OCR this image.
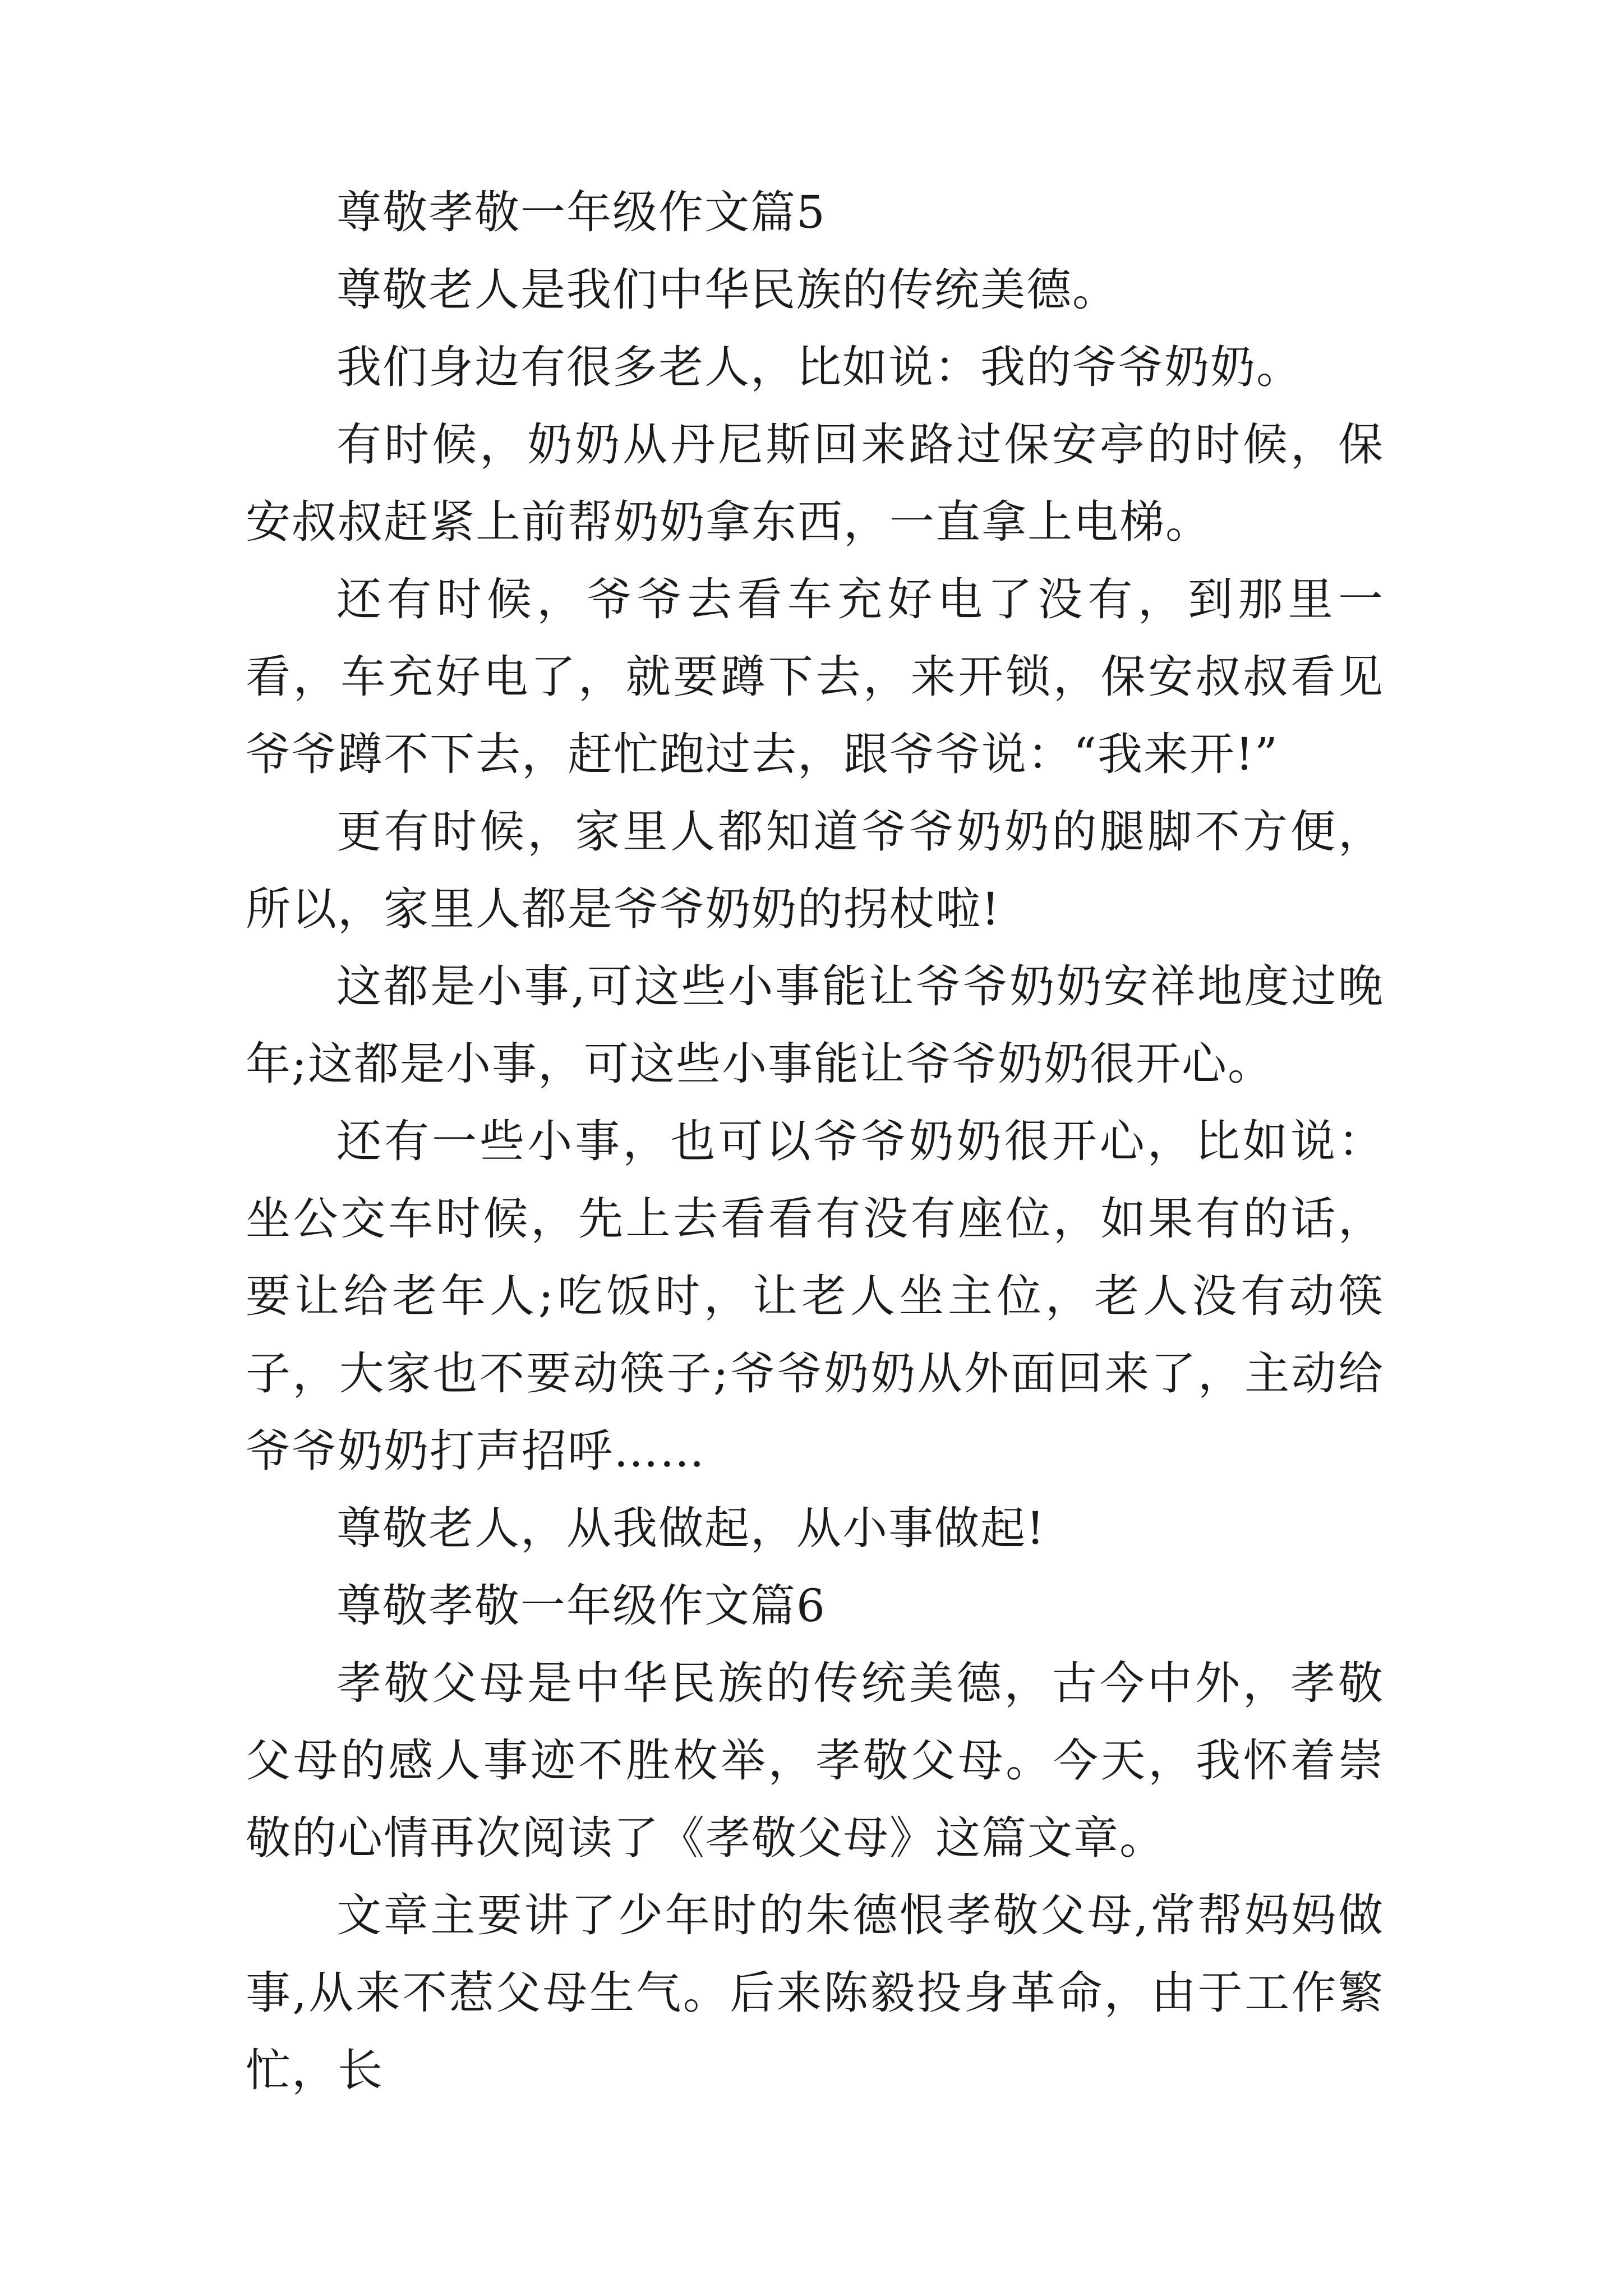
尊敬孝敬一年级作文篇5

尊敬老人是我们中华民族的传统美德。

我们身边有很多老人，比如说：我的爷爷奶奶。

有时候，奶奶从丹尼斯回来路过保安亭的时候，保安叔叔赶紧上前帮奶奶拿东西，一直拿上电梯。

还有时候，爷爷去看车充好电了没有，到那里一看，车充好电了，就要蹲下去，来开锁，保安叔叔看见爷爷蹲不下去，赶忙跑过去，跟爷爷说：“我来开!”

更有时候，家里人都知道爷爷奶奶的腿脚不方便，所以，家里人都是爷爷奶奶的拐杖啦!

这都是小事,可这些小事能让爷爷奶奶安祥地度过晚年;这都是小事，可这些小事能让爷爷奶奶很开心。

还有一些小事，也可以爷爷奶奶很开心，比如说：坐公交车时候，先上去看看有没有座位，如果有的话，要让给老年人;吃饭时，让老人坐主位，老人没有动筷子，大家也不要动筷子;爷爷奶奶从外面回来了，主动给爷爷奶奶打声招呼……

尊敬老人，从我做起，从小事做起!

尊敬孝敬一年级作文篇6

孝敬父母是中华民族的传统美德，古今中外，孝敬父母的感人事迹不胜枚举，孝敬父母。今天，我怀着崇敬的心情再次阅读了《孝敬父母》这篇文章。

文章主要讲了少年时的朱德恨孝敬父母,常帮妈妈做事,从来不惹父母生气。后来陈毅投身革命，由于工作繁忙，长
